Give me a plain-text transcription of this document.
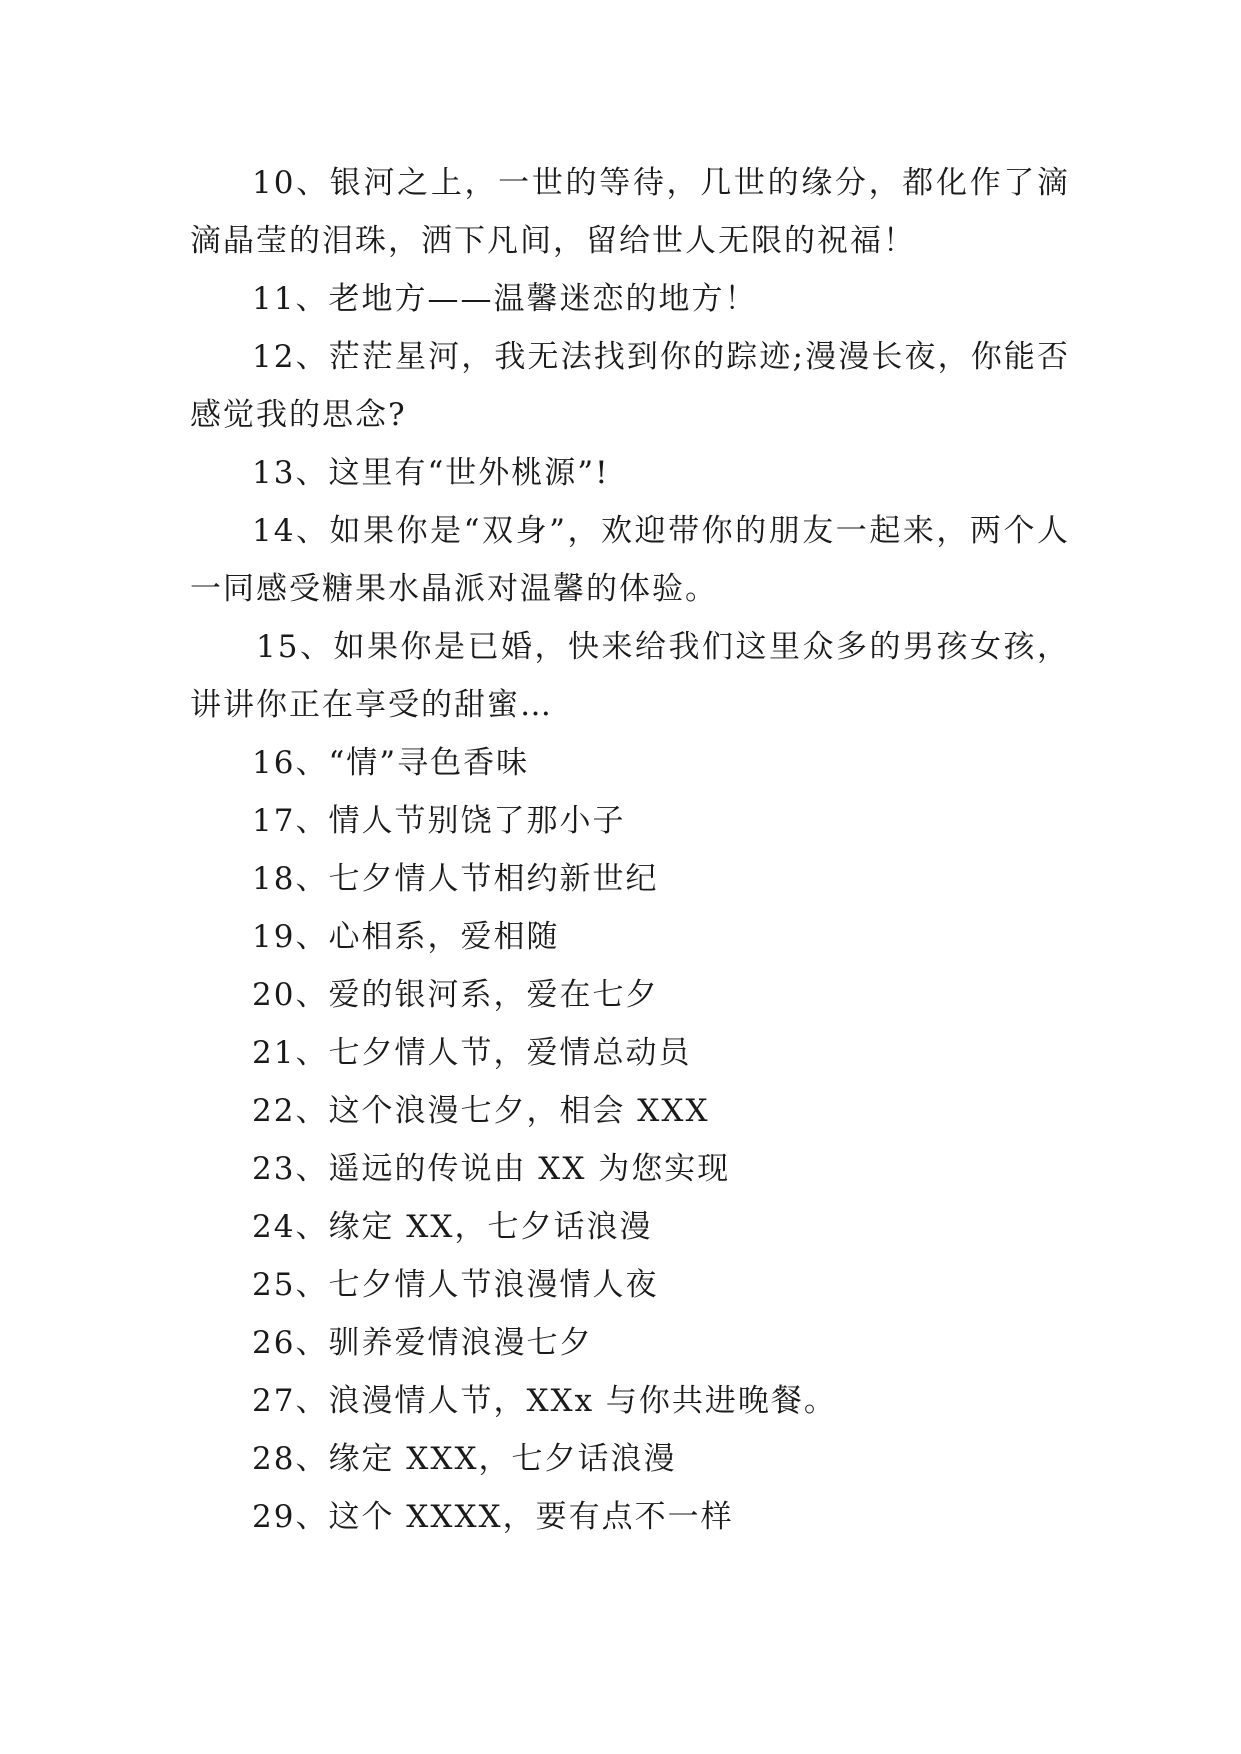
10、银河之上，一世的等待，几世的缘分，都化作了滴滴晶莹的泪珠，洒下凡间，留给世人无限的祝福！

11、老地方——温馨迷恋的地方！

12、茫茫星河，我无法找到你的踪迹;漫漫长夜，你能否感觉我的思念?

13、这里有“世外桃源”!

14、如果你是“双身”，欢迎带你的朋友一起来，两个人一同感受糖果水晶派对温馨的体验。

15、如果你是已婚，快来给我们这里众多的男孩女孩，讲讲你正在享受的甜蜜…

16、“情”寻色香味

17、情人节别饶了那小子

18、七夕情人节相约新世纪

19、心相系，爱相随

20、爱的银河系，爱在七夕

21、七夕情人节，爱情总动员

22、这个浪漫七夕，相会 XXX

23、遥远的传说由 XX 为您实现

24、缘定 XX，七夕话浪漫

25、七夕情人节浪漫情人夜

26、驯养爱情浪漫七夕

27、浪漫情人节，XXx 与你共进晚餐。

28、缘定 XXX，七夕话浪漫

29、这个 XXXX，要有点不一样
